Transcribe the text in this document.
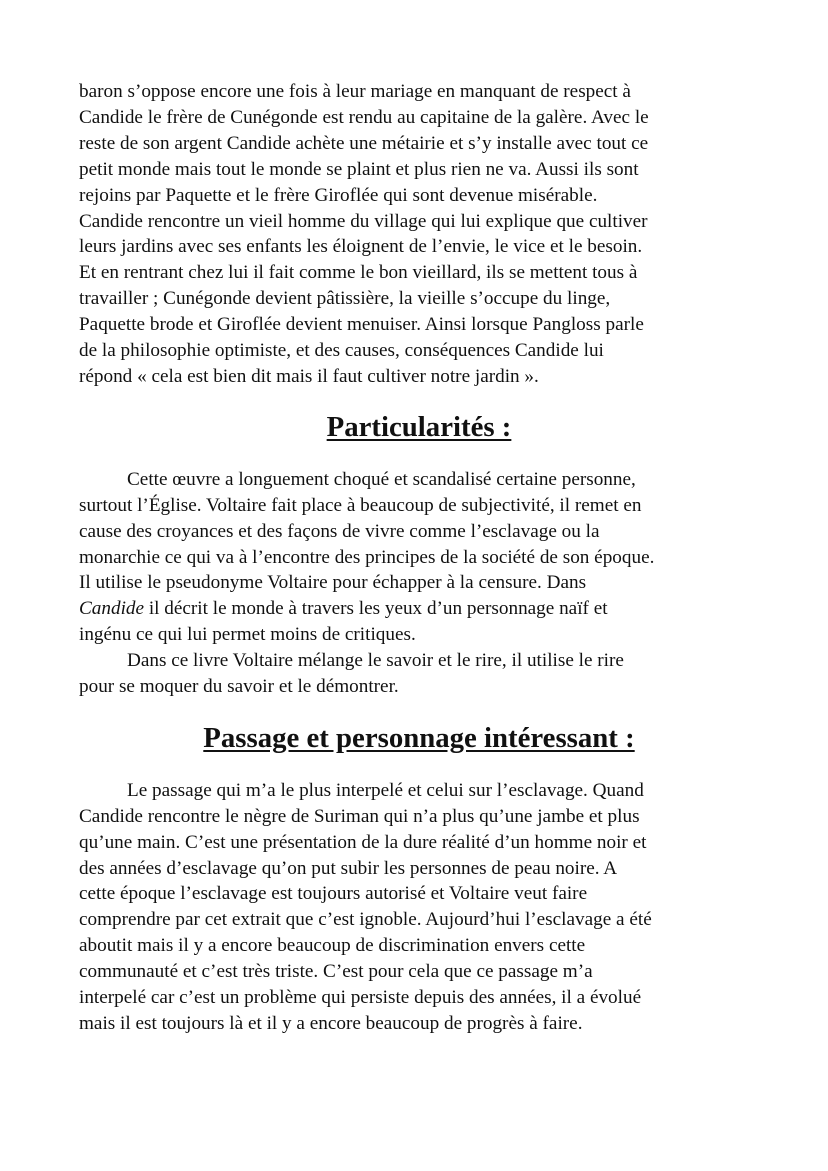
baron s’oppose encore une fois à leur mariage en manquant de respect à
Candide le frère de Cunégonde est rendu au capitaine de la galère. Avec le
reste de son argent Candide achète une métairie et s’y installe avec tout ce
petit monde mais tout le monde se plaint et plus rien ne va. Aussi ils sont
rejoins par Paquette et le frère Giroflée qui sont devenue misérable.
Candide rencontre un vieil homme du village qui lui explique que cultiver
leurs jardins avec ses enfants les éloignent de l’envie, le vice et le besoin.
Et en rentrant chez lui il fait comme le bon vieillard, ils se mettent tous à
travailler ; Cunégonde devient pâtissière, la vieille s’occupe du linge,
Paquette brode et Giroflée devient menuiser. Ainsi lorsque Pangloss parle
de la philosophie optimiste, et des causes, conséquences Candide lui
répond « cela est bien dit mais il faut cultiver notre jardin ».

Particularités :

Cette œuvre a longuement choqué et scandalisé certaine personne,
surtout l’Église. Voltaire fait place à beaucoup de subjectivité, il remet en
cause des croyances et des façons de vivre comme l’esclavage ou la
monarchie ce qui va à l’encontre des principes de la société de son époque.
Il utilise le pseudonyme Voltaire pour échapper à la censure. Dans
Candide il décrit le monde à travers les yeux d’un personnage naïf et
ingénu ce qui lui permet moins de critiques.

Dans ce livre Voltaire mélange le savoir et le rire, il utilise le rire
pour se moquer du savoir et le démontrer.

Passage et personnage intéressant :

Le passage qui m’a le plus interpelé et celui sur l’esclavage. Quand
Candide rencontre le nègre de Suriman qui n’a plus qu’une jambe et plus
qu’une main. C’est une présentation de la dure réalité d’un homme noir et
des années d’esclavage qu’on put subir les personnes de peau noire. A
cette époque l’esclavage est toujours autorisé et Voltaire veut faire
comprendre par cet extrait que c’est ignoble. Aujourd’hui l’esclavage a été
aboutit mais il y a encore beaucoup de discrimination envers cette
communauté et c’est très triste. C’est pour cela que ce passage m’a
interpelé car c’est un problème qui persiste depuis des années, il a évolué
mais il est toujours là et il y a encore beaucoup de progrès à faire.
